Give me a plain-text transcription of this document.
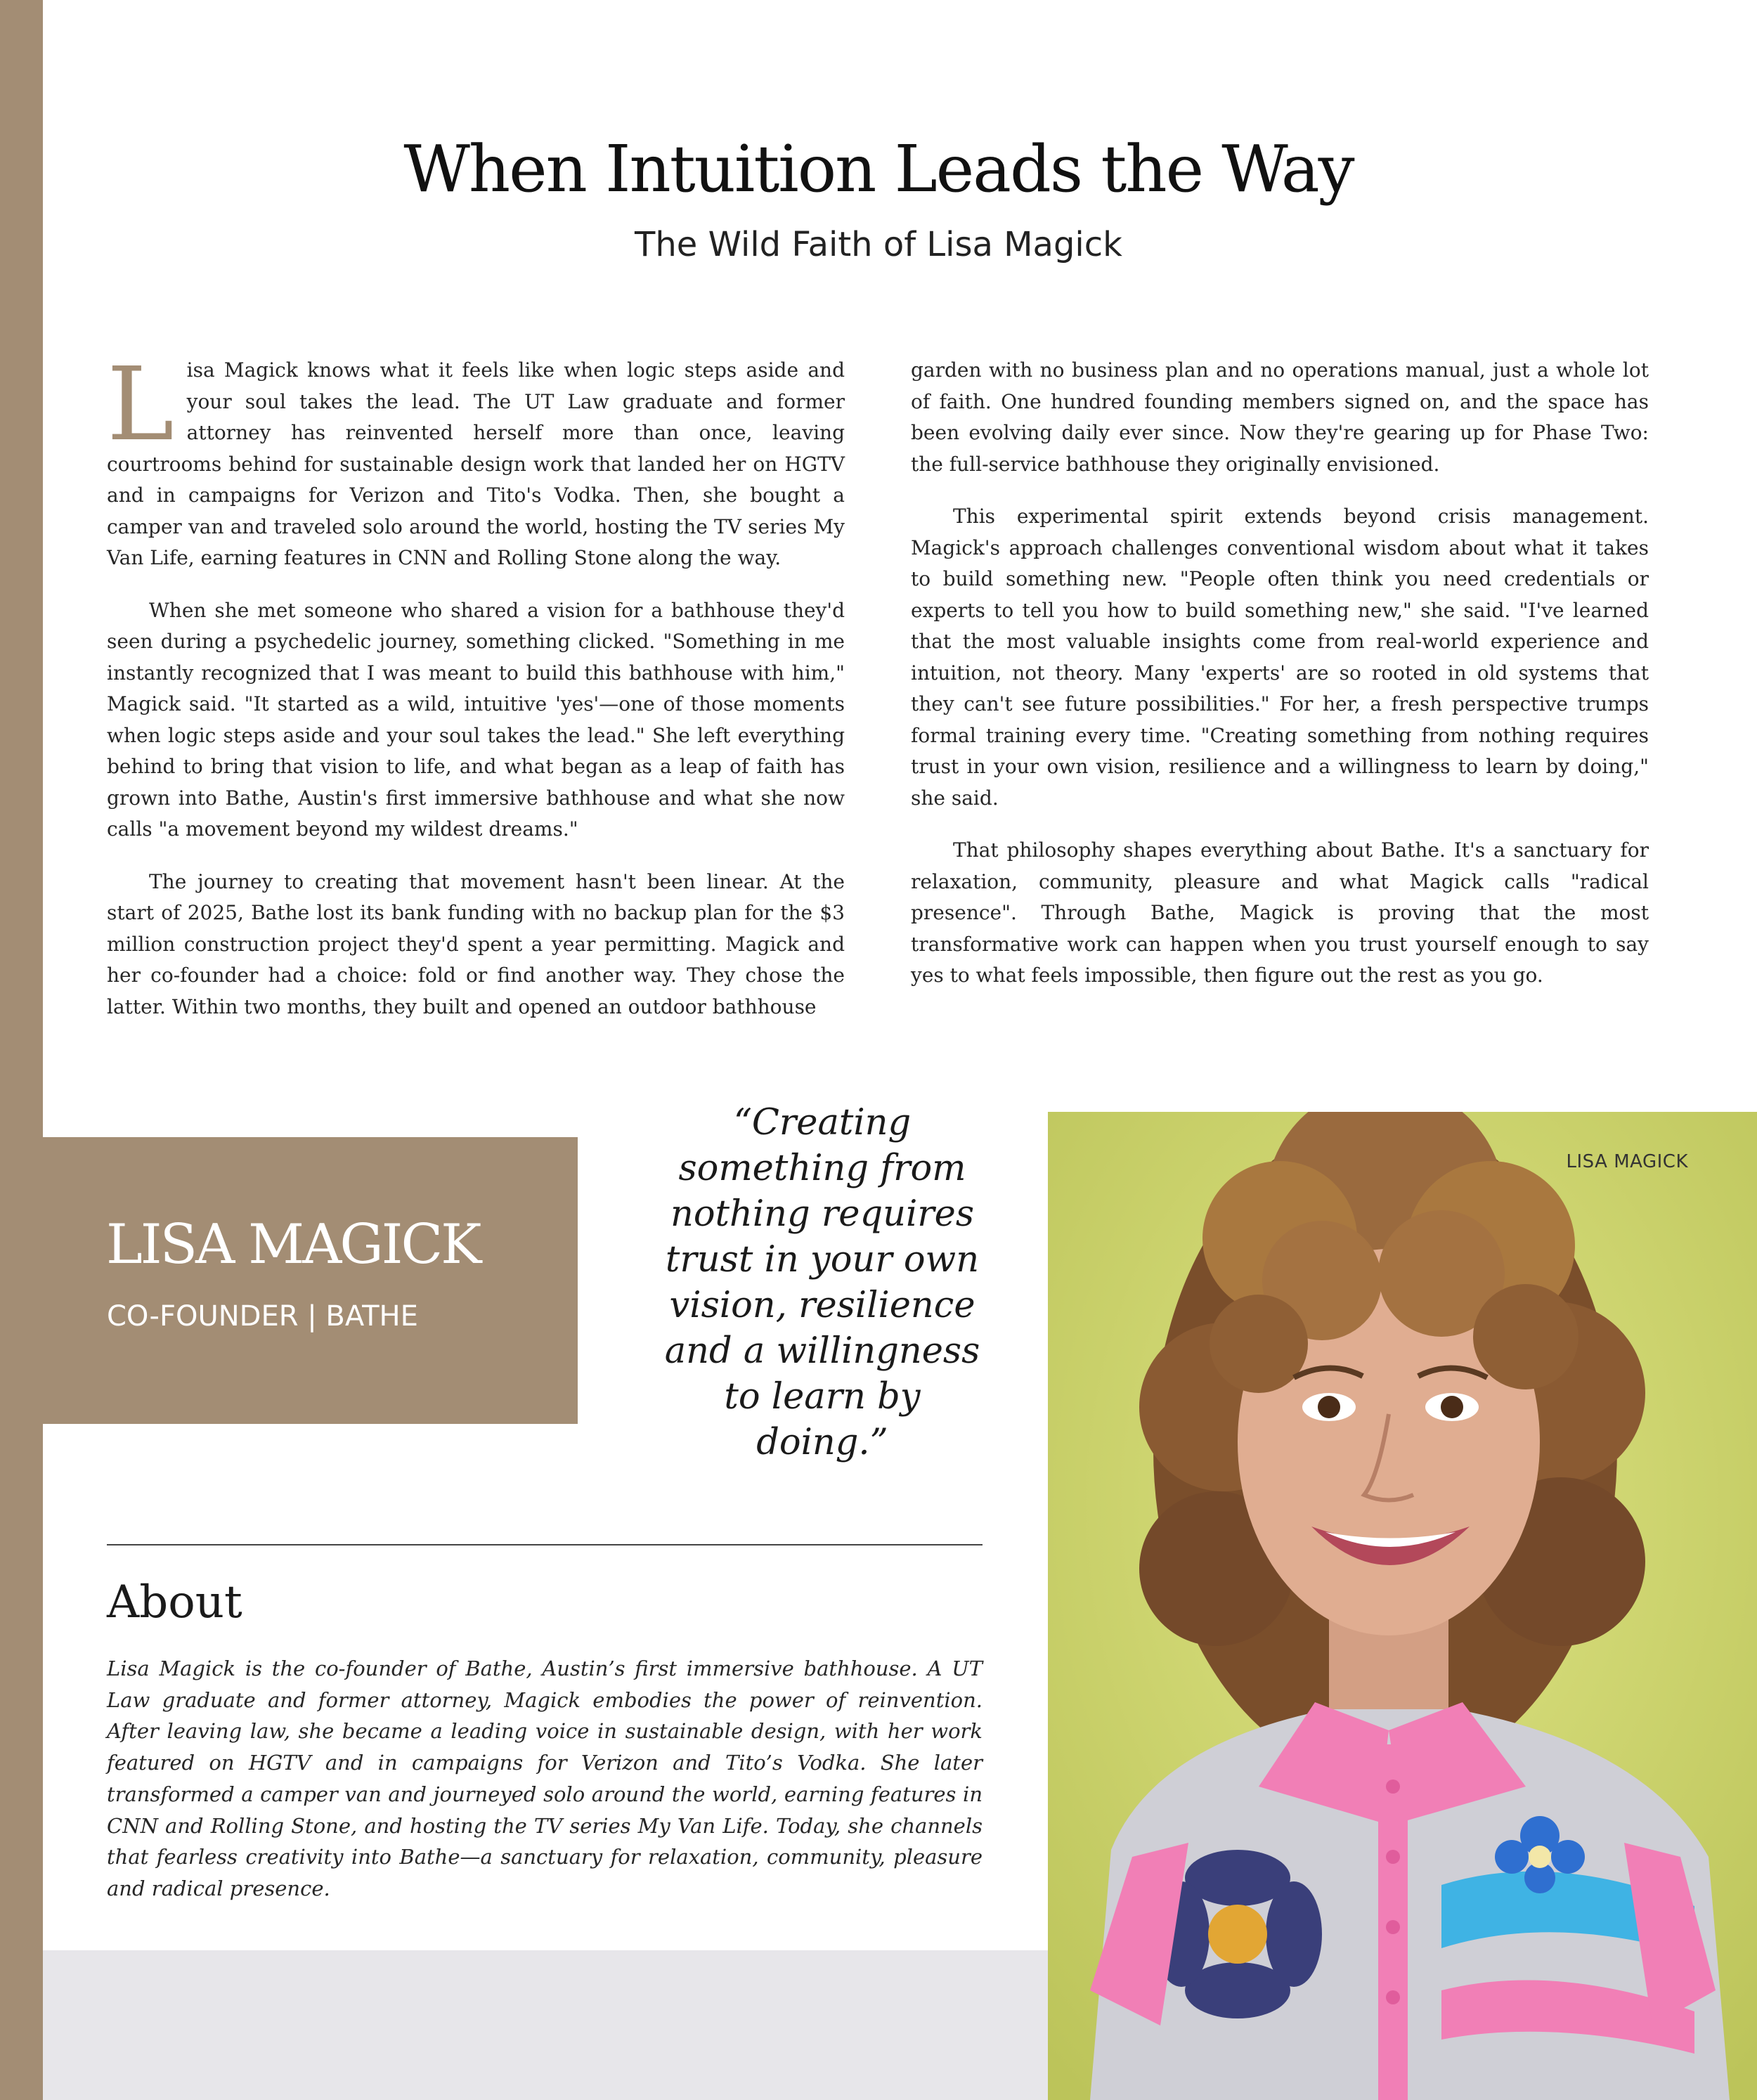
When Intuition Leads the Way
The Wild Faith of Lisa Magick

Lisa Magick knows what it feels like when logic steps aside and your soul takes the lead. The UT Law graduate and former attorney has reinvented herself more than once, leaving courtrooms behind for sustainable design work that landed her on HGTV and in campaigns for Verizon and Tito's Vodka. Then, she bought a camper van and traveled solo around the world, hosting the TV series My Van Life, earning features in CNN and Rolling Stone along the way.

When she met someone who shared a vision for a bathhouse they'd seen during a psychedelic journey, something clicked. "Something in me instantly recognized that I was meant to build this bathhouse with him," Magick said. "It started as a wild, intuitive 'yes'—one of those moments when logic steps aside and your soul takes the lead." She left everything behind to bring that vision to life, and what began as a leap of faith has grown into Bathe, Austin's first immersive bathhouse and what she now calls "a movement beyond my wildest dreams."

The journey to creating that movement hasn't been linear. At the start of 2025, Bathe lost its bank funding with no backup plan for the $3 million construction project they'd spent a year permitting. Magick and her co-founder had a choice: fold or find another way. They chose the latter. Within two months, they built and opened an outdoor bathhouse

garden with no business plan and no operations manual, just a whole lot of faith. One hundred founding members signed on, and the space has been evolving daily ever since. Now they're gearing up for Phase Two: the full-service bathhouse they originally envisioned.

This experimental spirit extends beyond crisis management. Magick's approach challenges conventional wisdom about what it takes to build something new. "People often think you need credentials or experts to tell you how to build something new," she said. "I've learned that the most valuable insights come from real-world experience and intuition, not theory. Many 'experts' are so rooted in old systems that they can't see future possibilities." For her, a fresh perspective trumps formal training every time. "Creating something from nothing requires trust in your own vision, resilience and a willingness to learn by doing," she said.

That philosophy shapes everything about Bathe. It's a sanctuary for relaxation, community, pleasure and what Magick calls "radical presence". Through Bathe, Magick is proving that the most transformative work can happen when you trust yourself enough to say yes to what feels impossible, then figure out the rest as you go.

LISA MAGICK
CO-FOUNDER | BATHE
“Creating something from nothing requires trust in your own vision, resilience and a willingness to learn by doing.”
About

Lisa Magick is the co-founder of Bathe, Austin’s first immersive bathhouse. A UT Law graduate and former attorney, Magick embodies the power of reinvention. After leaving law, she became a leading voice in sustainable design, with her work featured on HGTV and in campaigns for Verizon and Tito’s Vodka. She later transformed a camper van and journeyed solo around the world, earning features in CNN and Rolling Stone, and hosting the TV series My Van Life. Today, she channels that fearless creativity into Bathe—a sanctuary for relaxation, community, pleasure and radical presence.

LISA MAGICK
